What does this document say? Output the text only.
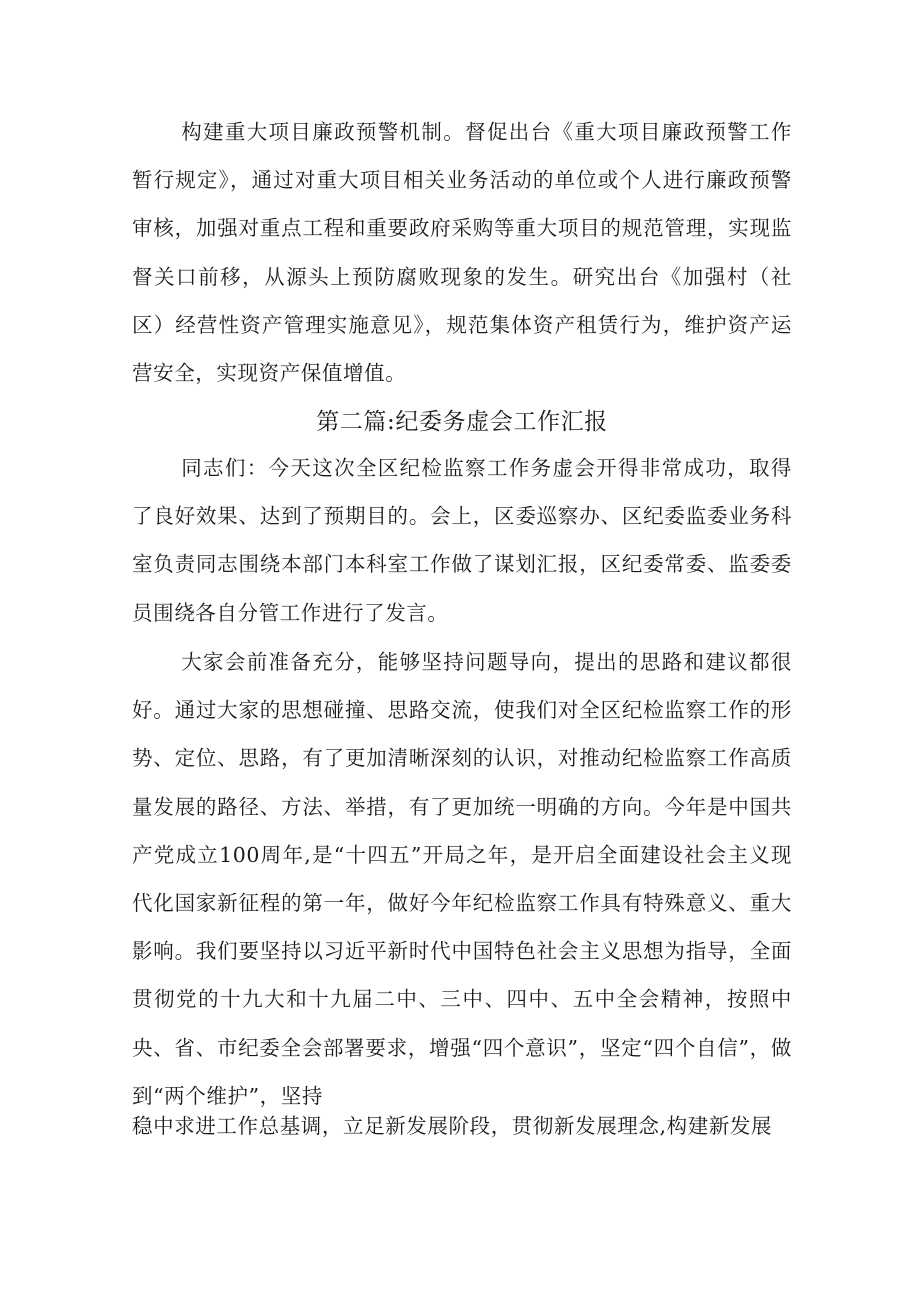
构建重大项目廉政预警机制。督促出台《重大项目廉政预警工作暂行规定》，通过对重大项目相关业务活动的单位或个人进行廉政预警审核，加强对重点工程和重要政府采购等重大项目的规范管理，实现监督关口前移，从源头上预防腐败现象的发生。研究出台《加强村（社区）经营性资产管理实施意见》，规范集体资产租赁行为，维护资产运营安全，实现资产保值增值。

第二篇:纪委务虚会工作汇报

同志们：今天这次全区纪检监察工作务虚会开得非常成功，取得了良好效果、达到了预期目的。会上，区委巡察办、区纪委监委业务科室负责同志围绕本部门本科室工作做了谋划汇报，区纪委常委、监委委员围绕各自分管工作进行了发言。

大家会前准备充分，能够坚持问题导向，提出的思路和建议都很好。通过大家的思想碰撞、思路交流，使我们对全区纪检监察工作的形势、定位、思路，有了更加清晰深刻的认识，对推动纪检监察工作高质量发展的路径、方法、举措，有了更加统一明确的方向。今年是中国共产党成立100周年,是“十四五”开局之年，是开启全面建设社会主义现代化国家新征程的第一年，做好今年纪检监察工作具有特殊意义、重大影响。我们要坚持以习近平新时代中国特色社会主义思想为指导，全面贯彻党的十九大和十九届二中、三中、四中、五中全会精神，按照中央、省、市纪委全会部署要求，增强“四个意识”，坚定“四个自信”，做到“两个维护”，坚持

稳中求进工作总基调，立足新发展阶段，贯彻新发展理念,构建新发展
